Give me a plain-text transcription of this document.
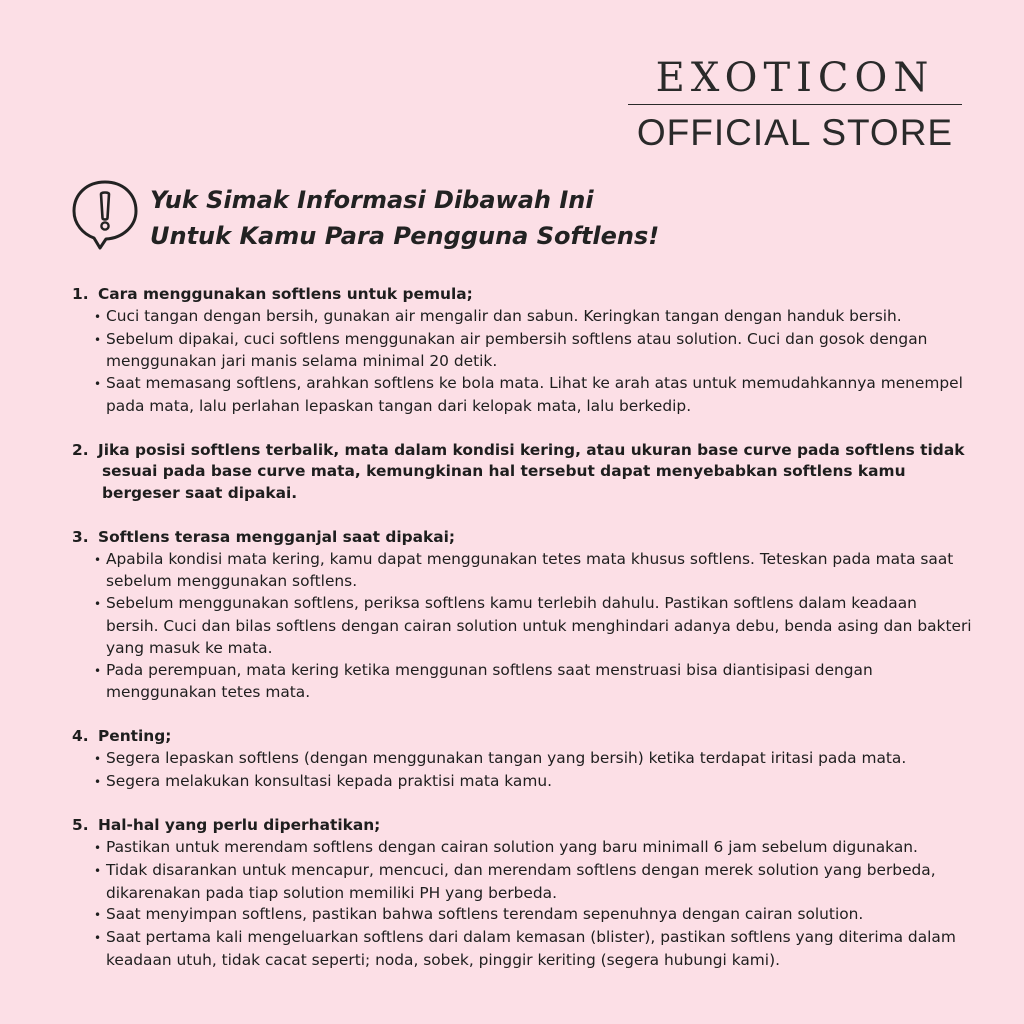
EXOTICON
OFFICIAL STORE
Yuk Simak Informasi Dibawah Ini
Untuk Kamu Para Pengguna Softlens!
1. Cara menggunakan softlens untuk pemula;
• Cuci tangan dengan bersih, gunakan air mengalir dan sabun. Keringkan tangan dengan handuk bersih.
• Sebelum dipakai, cuci softlens menggunakan air pembersih softlens atau solution. Cuci dan gosok dengan menggunakan jari manis selama minimal 20 detik.
• Saat memasang softlens, arahkan softlens ke bola mata. Lihat ke arah atas untuk memudahkannya menempel pada mata, lalu perlahan lepaskan tangan dari kelopak mata, lalu berkedip.
2. Jika posisi softlens terbalik, mata dalam kondisi kering, atau ukuran base curve pada softlens tidak sesuai pada base curve mata, kemungkinan hal tersebut dapat menyebabkan softlens kamu bergeser saat dipakai.
3. Softlens terasa mengganjal saat dipakai;
• Apabila kondisi mata kering, kamu dapat menggunakan tetes mata khusus softlens. Teteskan pada mata saat sebelum menggunakan softlens.
• Sebelum menggunakan softlens, periksa softlens kamu terlebih dahulu. Pastikan softlens dalam keadaan bersih. Cuci dan bilas softlens dengan cairan solution untuk menghindari adanya debu, benda asing dan bakteri yang masuk ke mata.
• Pada perempuan, mata kering ketika menggunan softlens saat menstruasi bisa diantisipasi dengan menggunakan tetes mata.
4. Penting;
• Segera lepaskan softlens (dengan menggunakan tangan yang bersih) ketika terdapat iritasi pada mata.
• Segera melakukan konsultasi kepada praktisi mata kamu.
5. Hal-hal yang perlu diperhatikan;
• Pastikan untuk merendam softlens dengan cairan solution yang baru minimall 6 jam sebelum digunakan.
• Tidak disarankan untuk mencapur, mencuci, dan merendam softlens dengan merek solution yang berbeda, dikarenakan pada tiap solution memiliki PH yang berbeda.
• Saat menyimpan softlens, pastikan bahwa softlens terendam sepenuhnya dengan cairan solution.
• Saat pertama kali mengeluarkan softlens dari dalam kemasan (blister), pastikan softlens yang diterima dalam keadaan utuh, tidak cacat seperti; noda, sobek, pinggir keriting (segera hubungi kami).
